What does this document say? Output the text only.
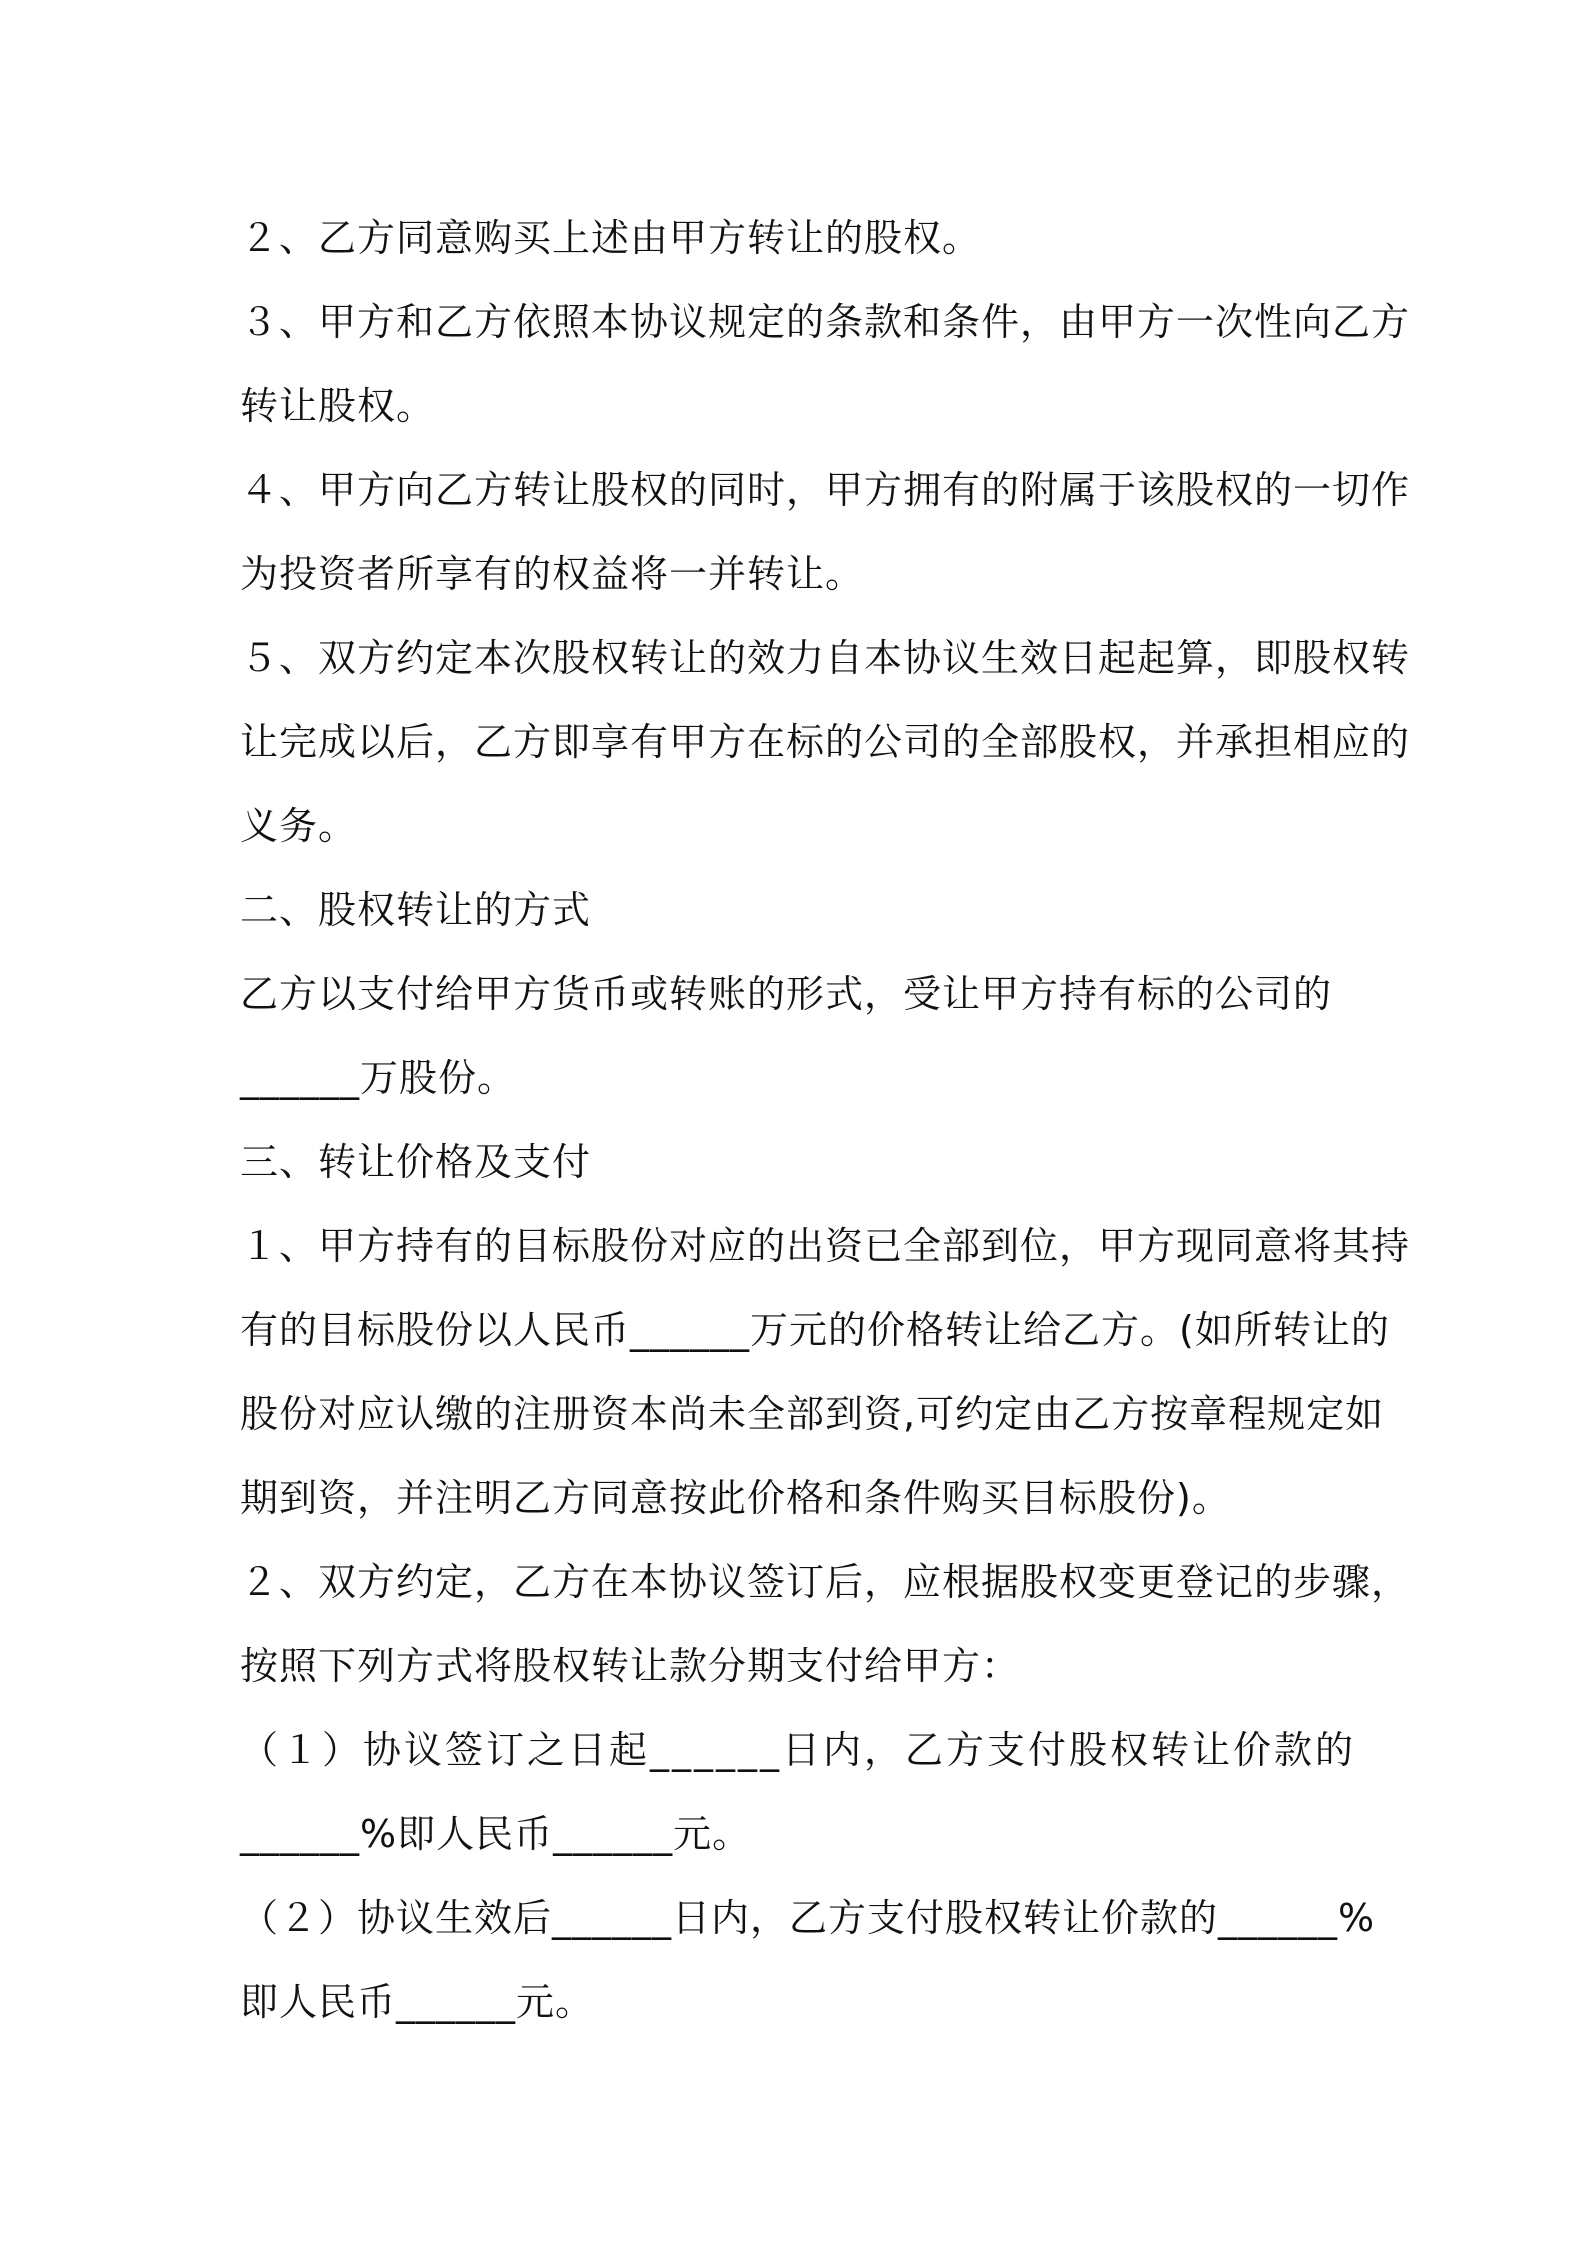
２、乙方同意购买上述由甲方转让的股权。
３、甲方和乙方依照本协议规定的条款和条件，由甲方一次性向乙方
转让股权。
４、甲方向乙方转让股权的同时，甲方拥有的附属于该股权的一切作
为投资者所享有的权益将一并转让。
５、双方约定本次股权转让的效力自本协议生效日起起算，即股权转
让完成以后，乙方即享有甲方在标的公司的全部股权，并承担相应的
义务。
二、股权转让的方式
乙方以支付给甲方货币或转账的形式，受让甲方持有标的公司的
______万股份。
三、转让价格及支付
１、甲方持有的目标股份对应的出资已全部到位，甲方现同意将其持
有的目标股份以人民币______万元的价格转让给乙方。(如所转让的
股份对应认缴的注册资本尚未全部到资,可约定由乙方按章程规定如
期到资，并注明乙方同意按此价格和条件购买目标股份)。
２、双方约定，乙方在本协议签订后，应根据股权变更登记的步骤，
按照下列方式将股权转让款分期支付给甲方：
（１）协议签订之日起______日内，乙方支付股权转让价款的
______%即人民币______元。
（２）协议生效后______日内，乙方支付股权转让价款的______%
即人民币______元。
